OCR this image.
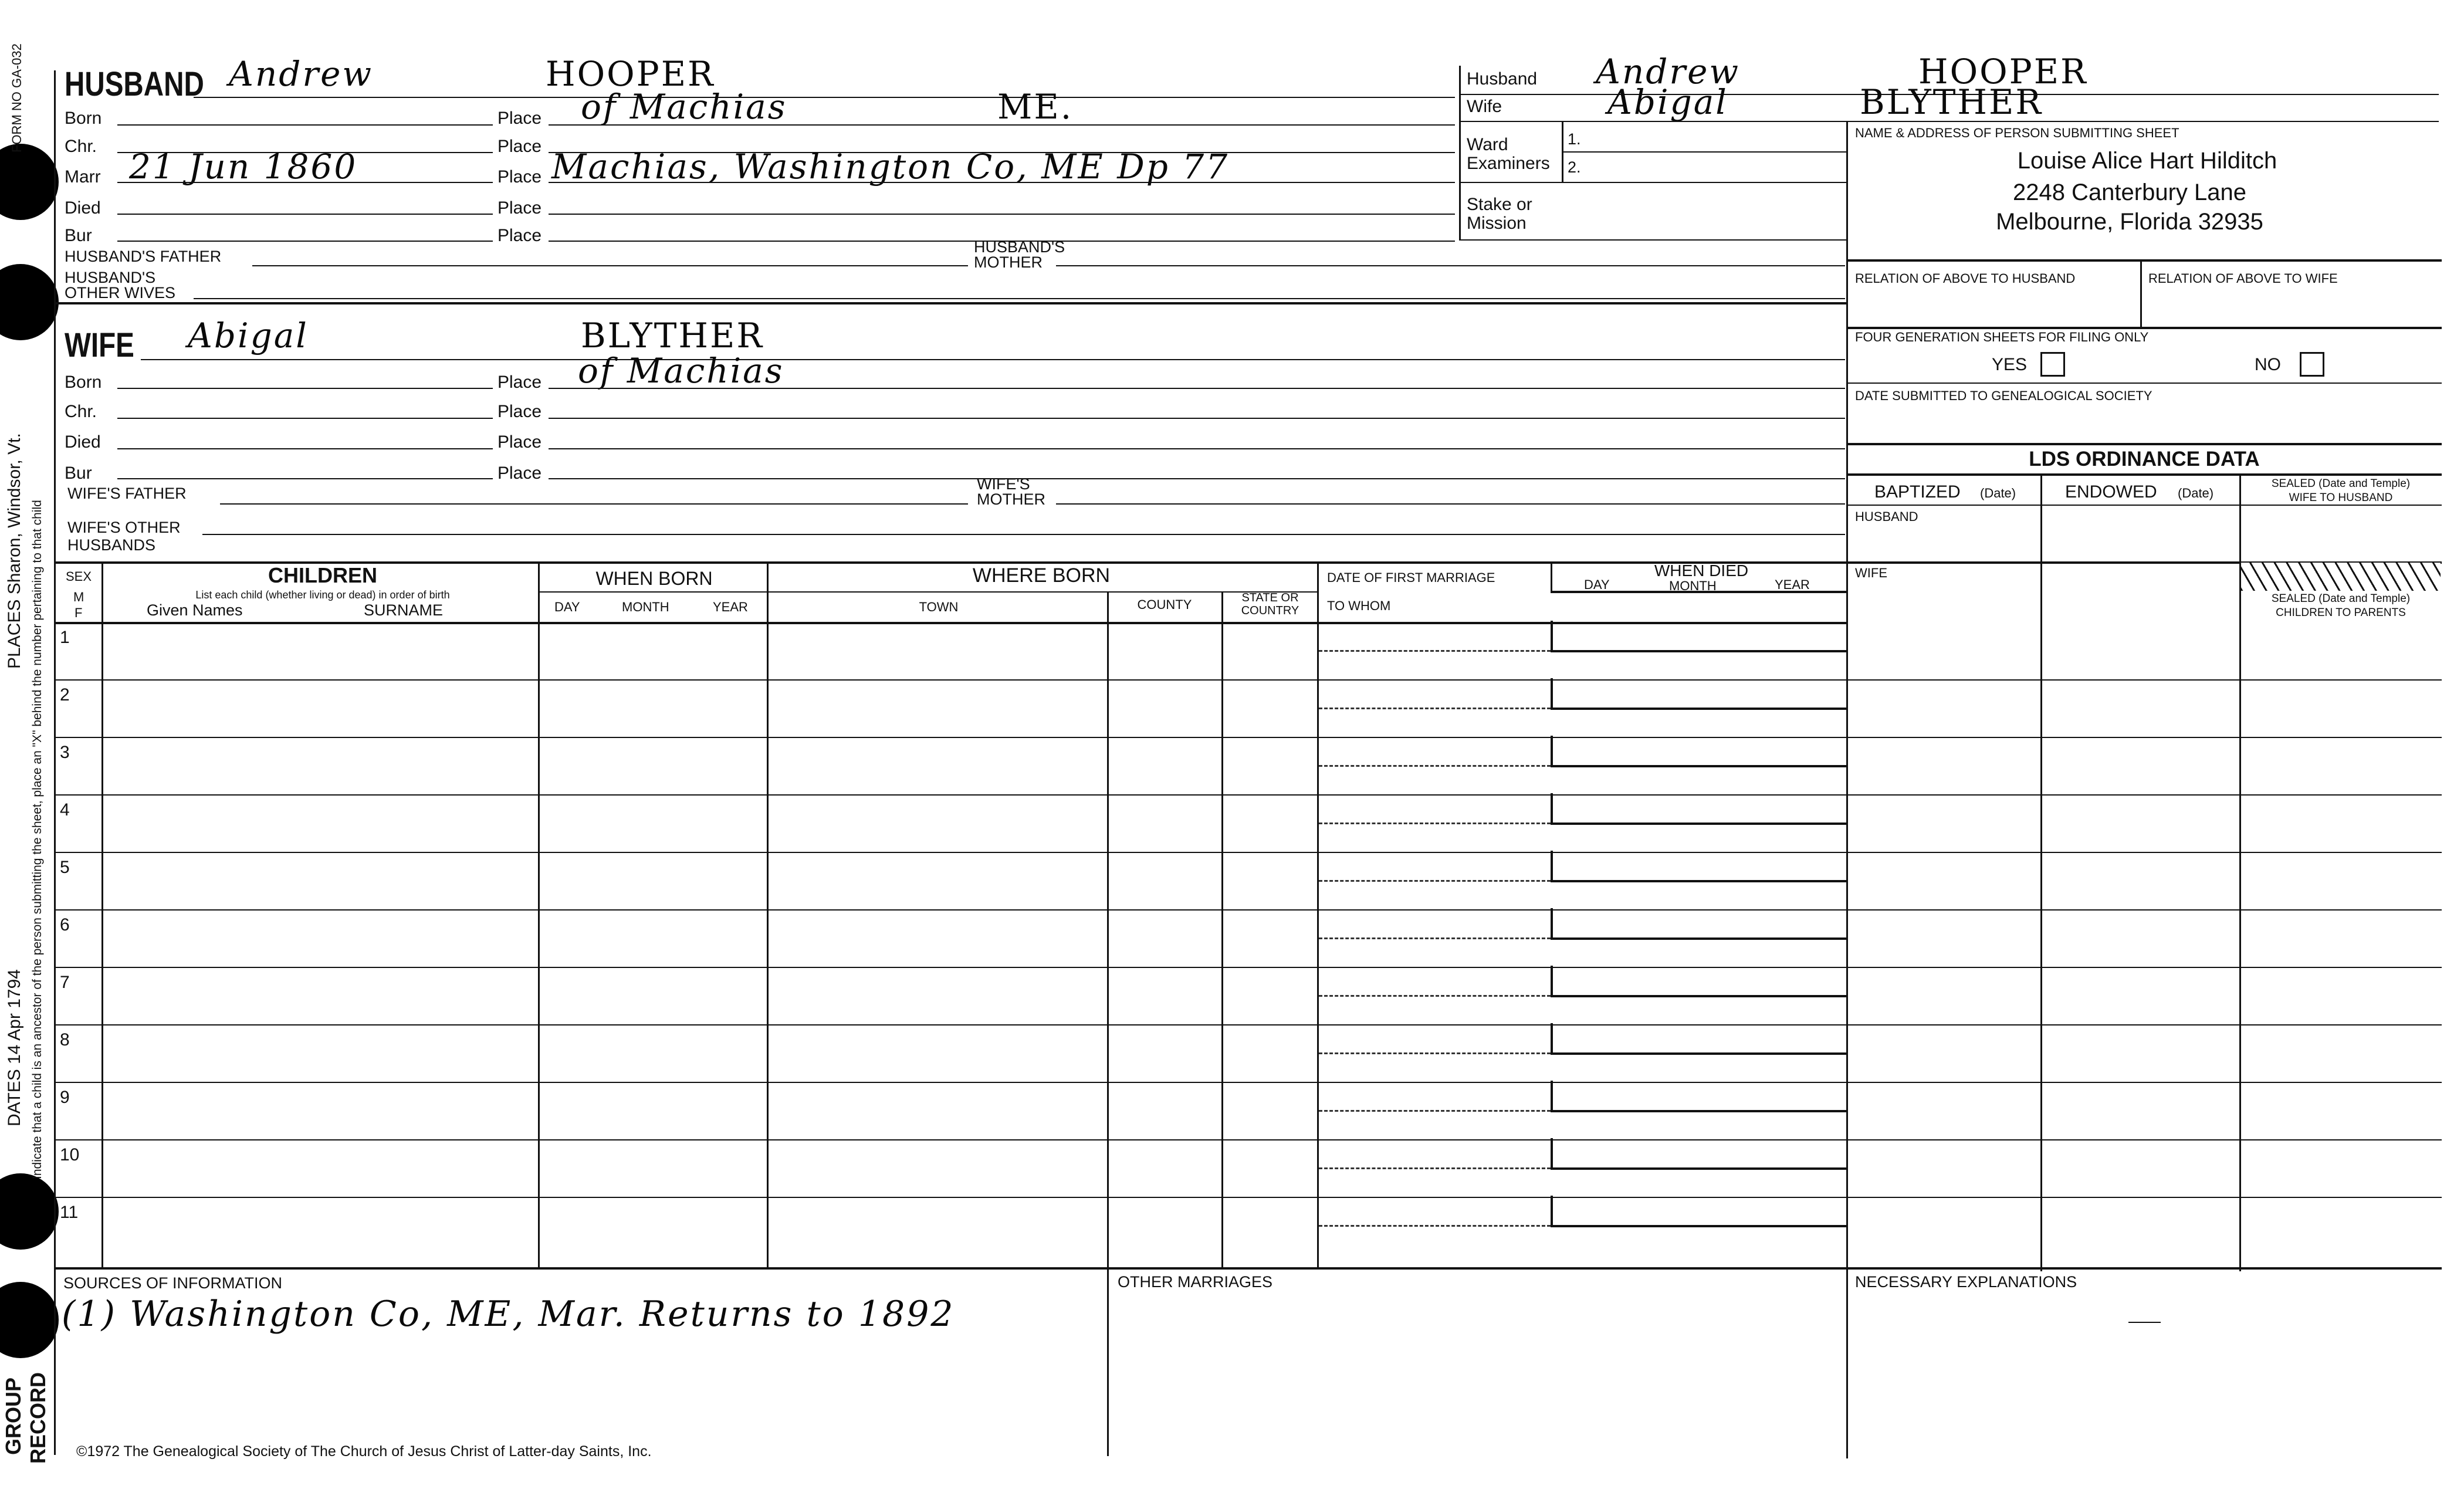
FORM NO GA-032
PLACES Sharon, Windsor, Vt. Indicate that a child is an ancestor of the person submitting the sheet, place an "X" behind the number pertaining to that child
DATES 14 Apr 1794
GROUP RECORD
HUSBAND Andrew	HOOPER
Born	Place of Machias	ME.
Chr.	Place
Marr 21 Jun 1860	Place Machias, Washington Co, ME Dp 77
Died	Place
Bur	Place
HUSBAND'S FATHER
HUSBAND'S
MOTHER
HUSBAND'S
OTHER WIVES
WIFE Abigal	BLYTHER
Born	Place of Machias
Chr.	Place
Died	Place
Bur	Place
WIFE'S FATHER
WIFE'S
MOTHER
WIFE'S OTHER
HUSBANDS
Husband Andrew	HOOPER
Wife	Abigal	BLYTHER
Ward
Examiners
1.
2.
Stake or
Mission
NAME & ADDRESS OF PERSON SUBMITTING SHEET
Louise Alice Hart Hilditch
2248 Canterbury Lane
Melbourne, Florida 32935
RELATION OF ABOVE TO HUSBAND	RELATION OF ABOVE TO WIFE
FOUR GENERATION SHEETS FOR FILING ONLY
YES	NO
DATE SUBMITTED TO GENEALOGICAL SOCIETY
LDS ORDINANCE DATA
BAPTIZED (Date)	ENDOWED (Date)
SEALED (Date and Temple)
WIFE TO HUSBAND
HUSBAND
WIFE
SEALED (Date and Temple)
CHILDREN TO PARENTS
SEX
M
F
CHILDREN
List each child (whether living or dead) in order of birth
Given Names	SURNAME
WHEN BORN
DAY	MONTH	YEAR
WHERE BORN
TOWN	COUNTY	STATE OR
COUNTRY
DATE OF FIRST MARRIAGE
TO WHOM
WHEN DIED
DAY	MONTH	YEAR
1
2
3
4
5
6
7
8
9
10
11
SOURCES OF INFORMATION
(1) Washington Co, ME, Mar. Returns to 1892
OTHER MARRIAGES	NECESSARY EXPLANATIONS
©1972 The Genealogical Society of The Church of Jesus Christ of Latter-day Saints, Inc.
